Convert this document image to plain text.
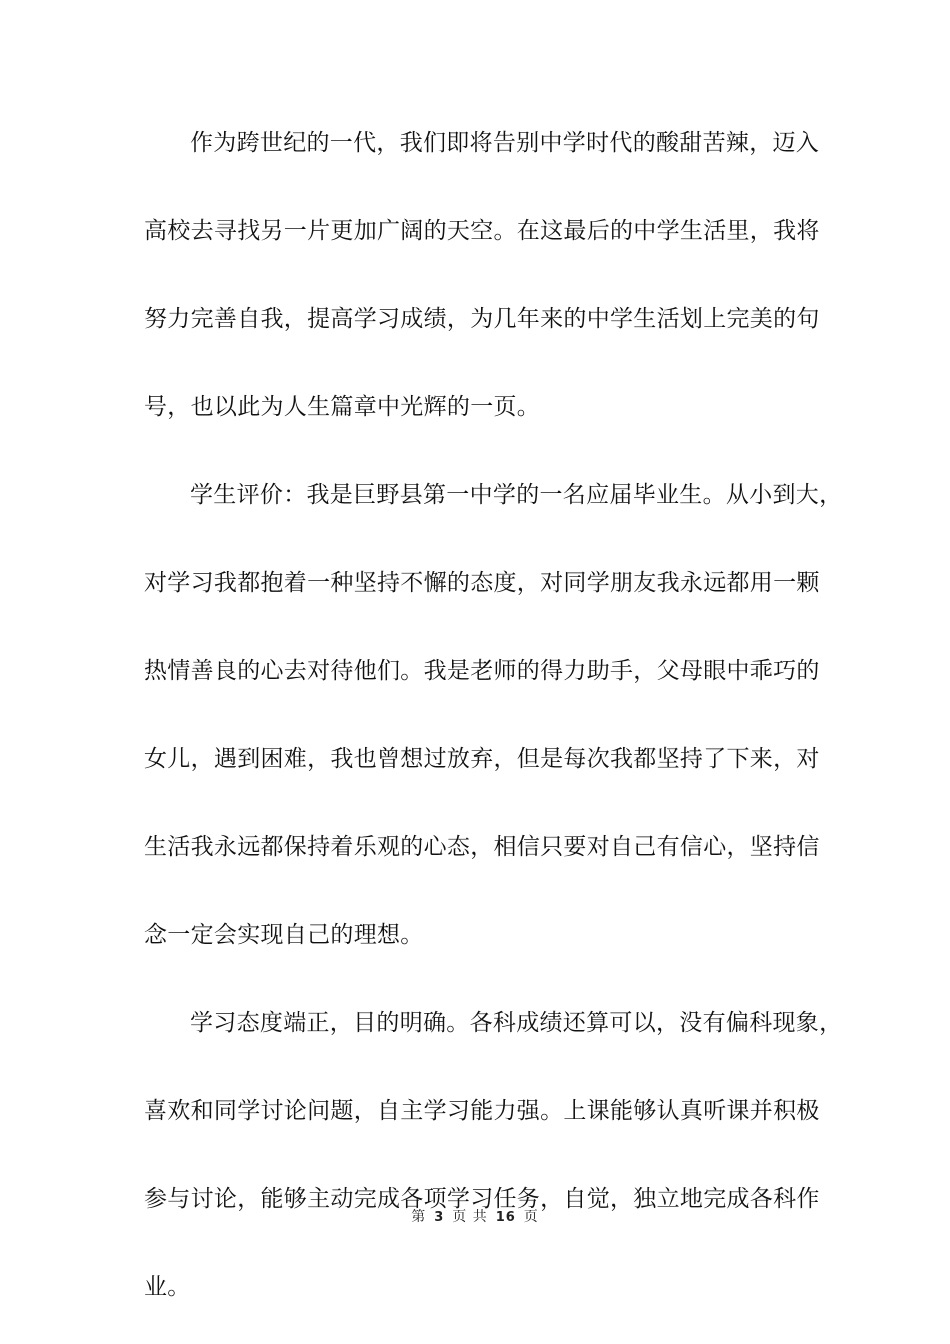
作为跨世纪的一代，我们即将告别中学时代的酸甜苦辣，迈入
高校去寻找另一片更加广阔的天空。在这最后的中学生活里，我将
努力完善自我，提高学习成绩，为几年来的中学生活划上完美的句
号，也以此为人生篇章中光辉的一页。
学生评价：我是巨野县第一中学的一名应届毕业生。从小到大，
对学习我都抱着一种坚持不懈的态度，对同学朋友我永远都用一颗
热情善良的心去对待他们。我是老师的得力助手，父母眼中乖巧的
女儿，遇到困难，我也曾想过放弃，但是每次我都坚持了下来，对
生活我永远都保持着乐观的心态，相信只要对自己有信心，坚持信
念一定会实现自己的理想。
学习态度端正，目的明确。各科成绩还算可以，没有偏科现象，
喜欢和同学讨论问题，自主学习能力强。上课能够认真听课并积极
参与讨论，能够主动完成各项学习任务，自觉，独立地完成各科作
业。
第 3 页 共 16 页
